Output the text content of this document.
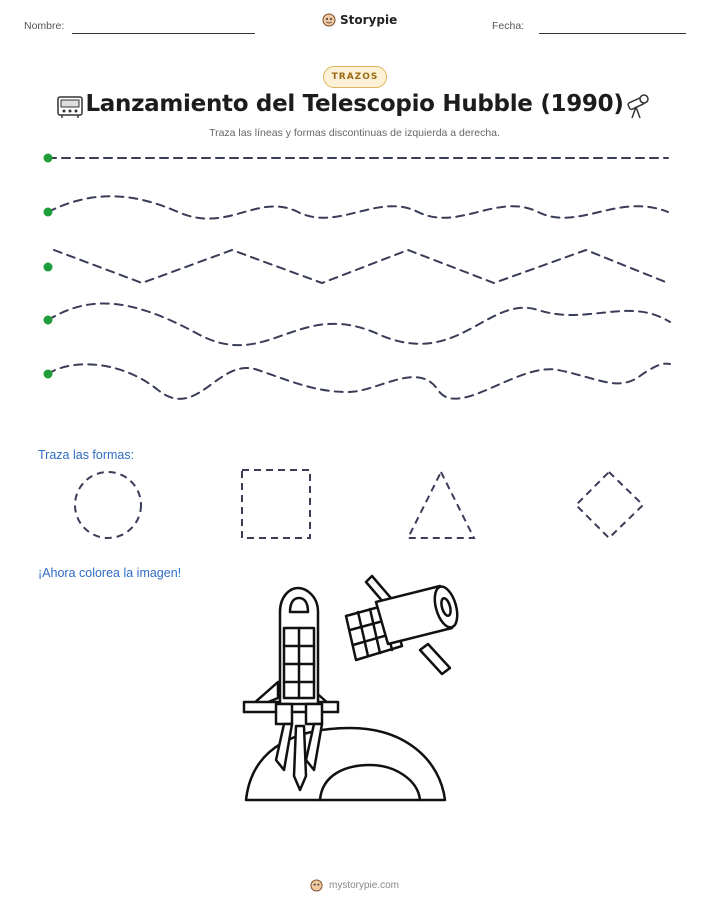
Nombre:	Storypie	Fecha:
TRAZOS
Lanzamiento del Telescopio Hubble (1990)
Traza las líneas y formas discontinuas de izquierda a derecha.
Traza las formas:
¡Ahora colorea la imagen!
mystorypie.com
